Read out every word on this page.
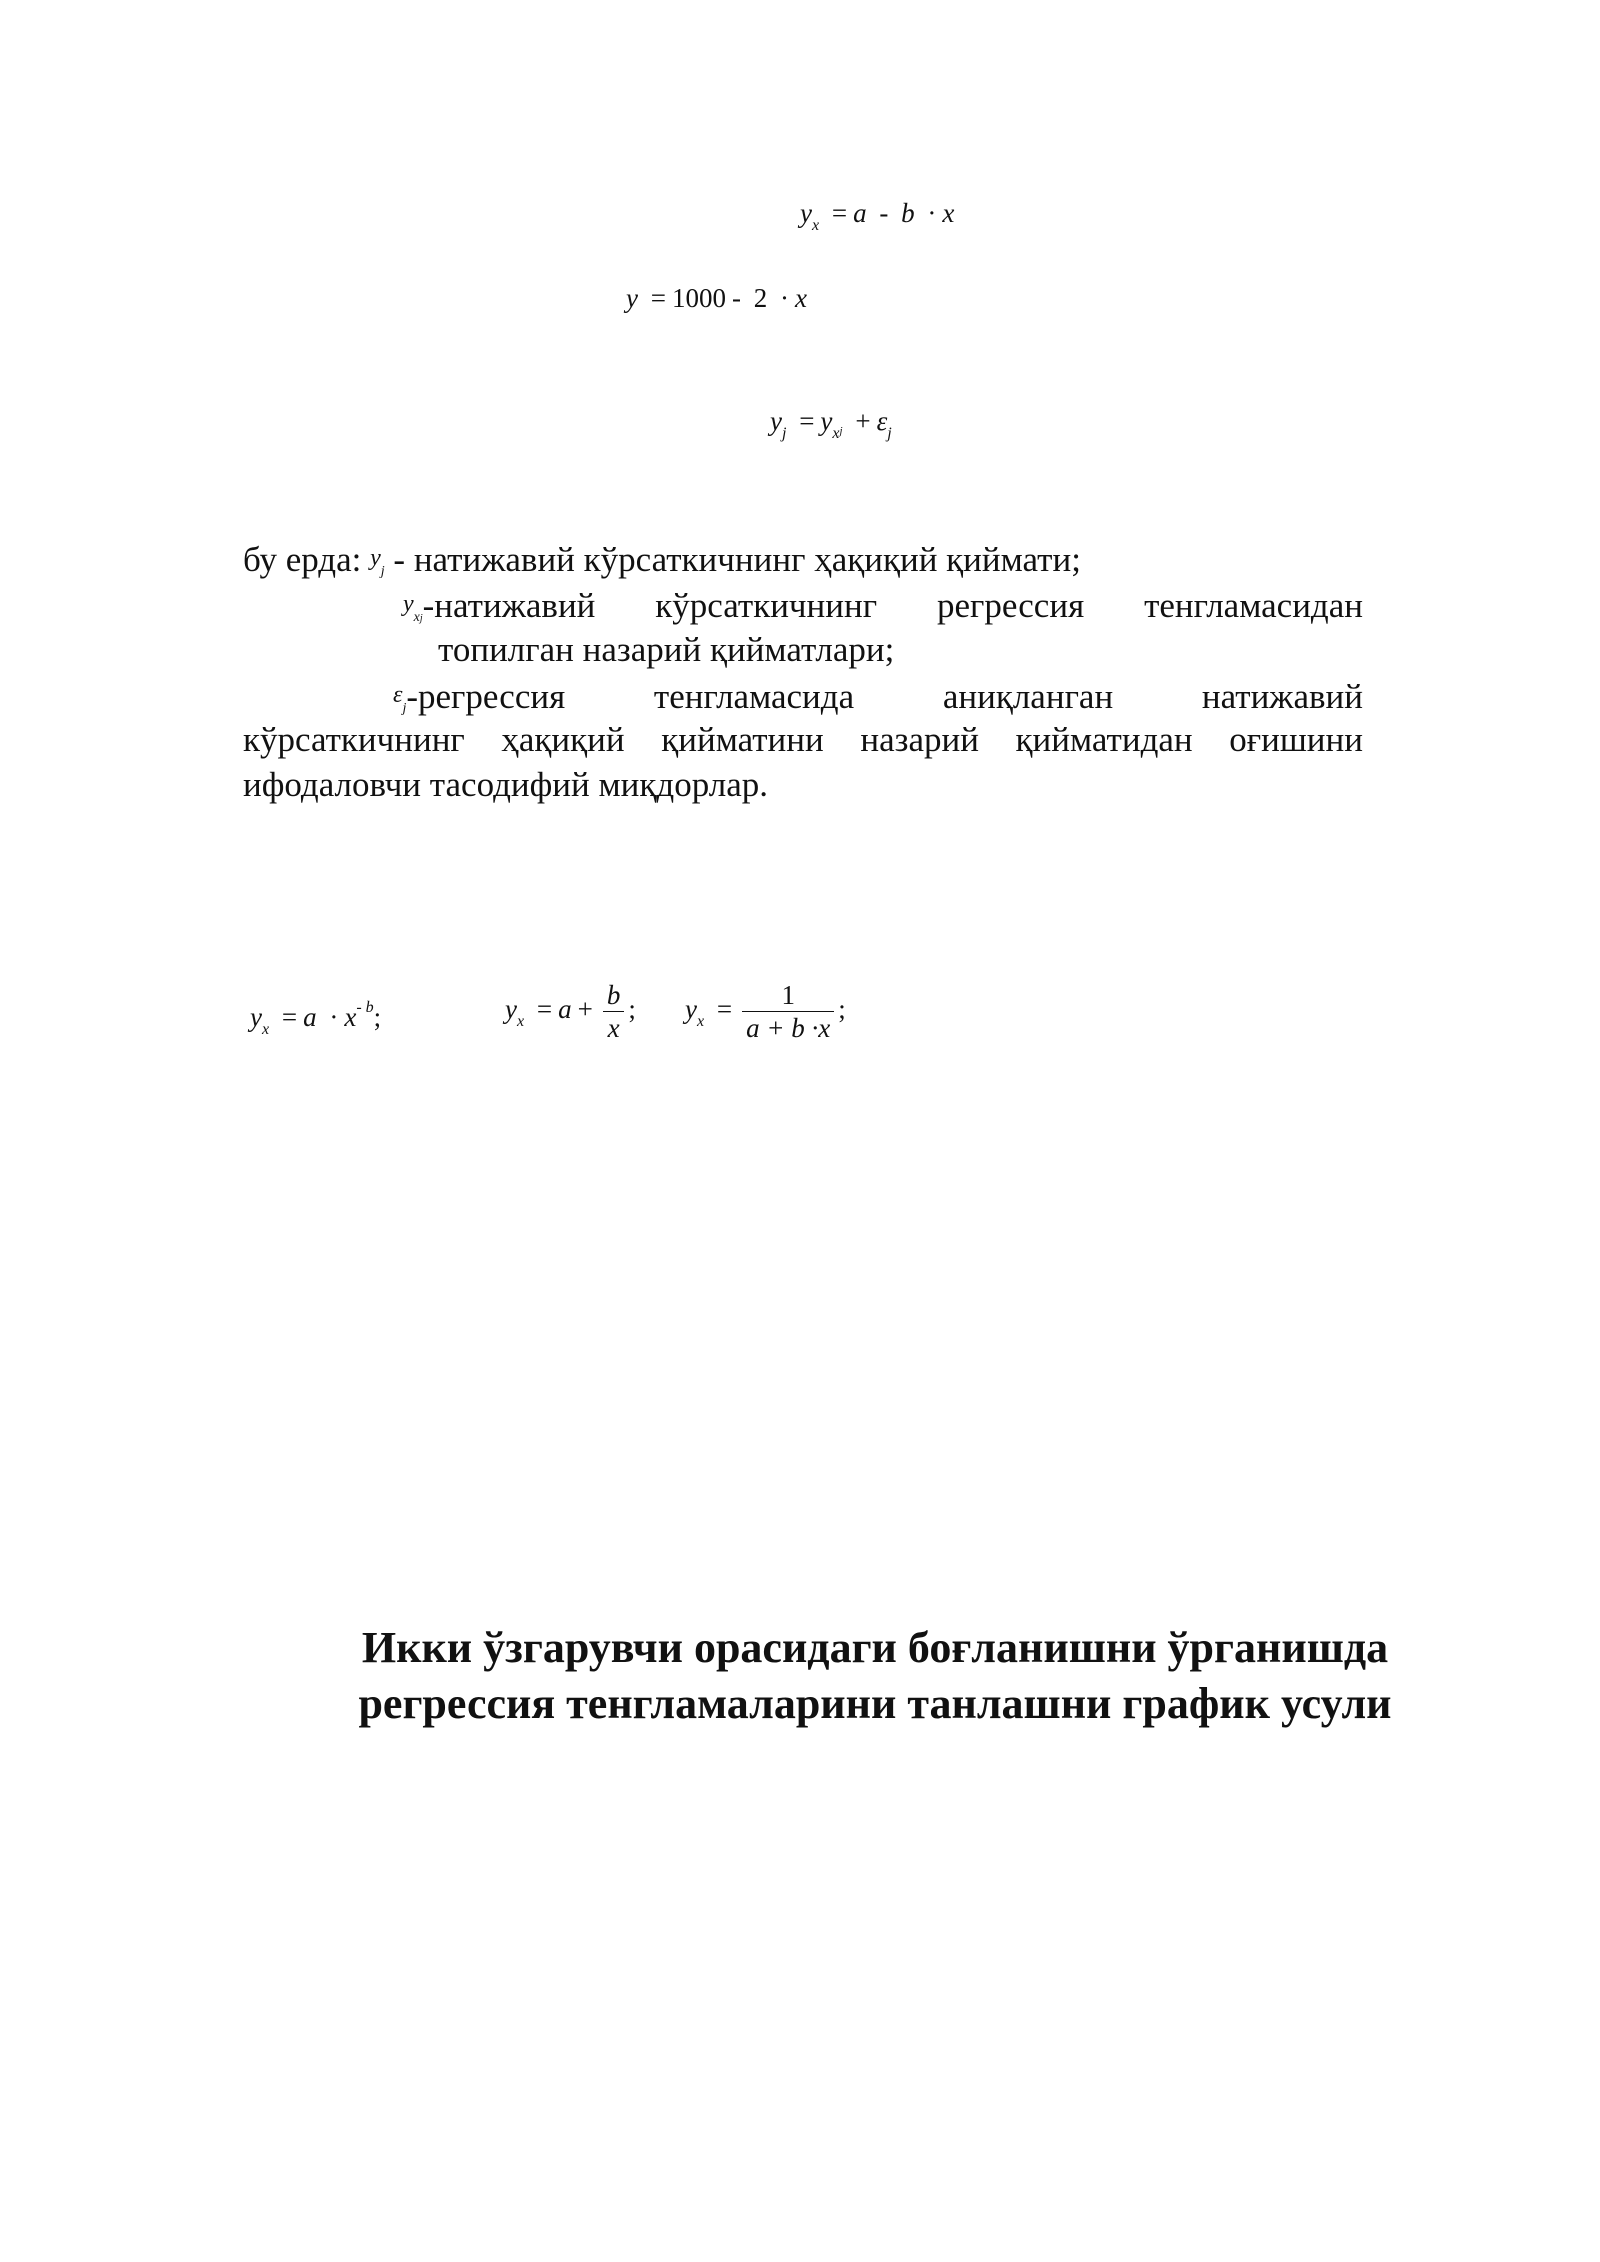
$y_x = a - b \cdot x$
y = 1000 - 2 · x
$y_j = y_xj + \varepsilon_j$
бу ерда: yj - натижавий кўрсаткичнинг ҳақиқий қиймати;
yxj-натижавий кўрсаткичнинг регрессия тенгламасидан
топилган назарий қийматлари;
εj-регрессия тенгламасида аниқланган натижавий
кўрсаткичнинг ҳақиқий қийматини назарий қийматидан оғишини
ифодаловчи тасодифий миқдорлар.
$y_x = a \cdot x^{- b}$;	$y_x = a + \frac{b}{x}$ ; $y_x = \frac{1}{a + b \cdot x}$ ;
Икки ўзгарувчи орасидаги боғланишни ўрганишда
регрессия тенгламаларини танлашни график усули
